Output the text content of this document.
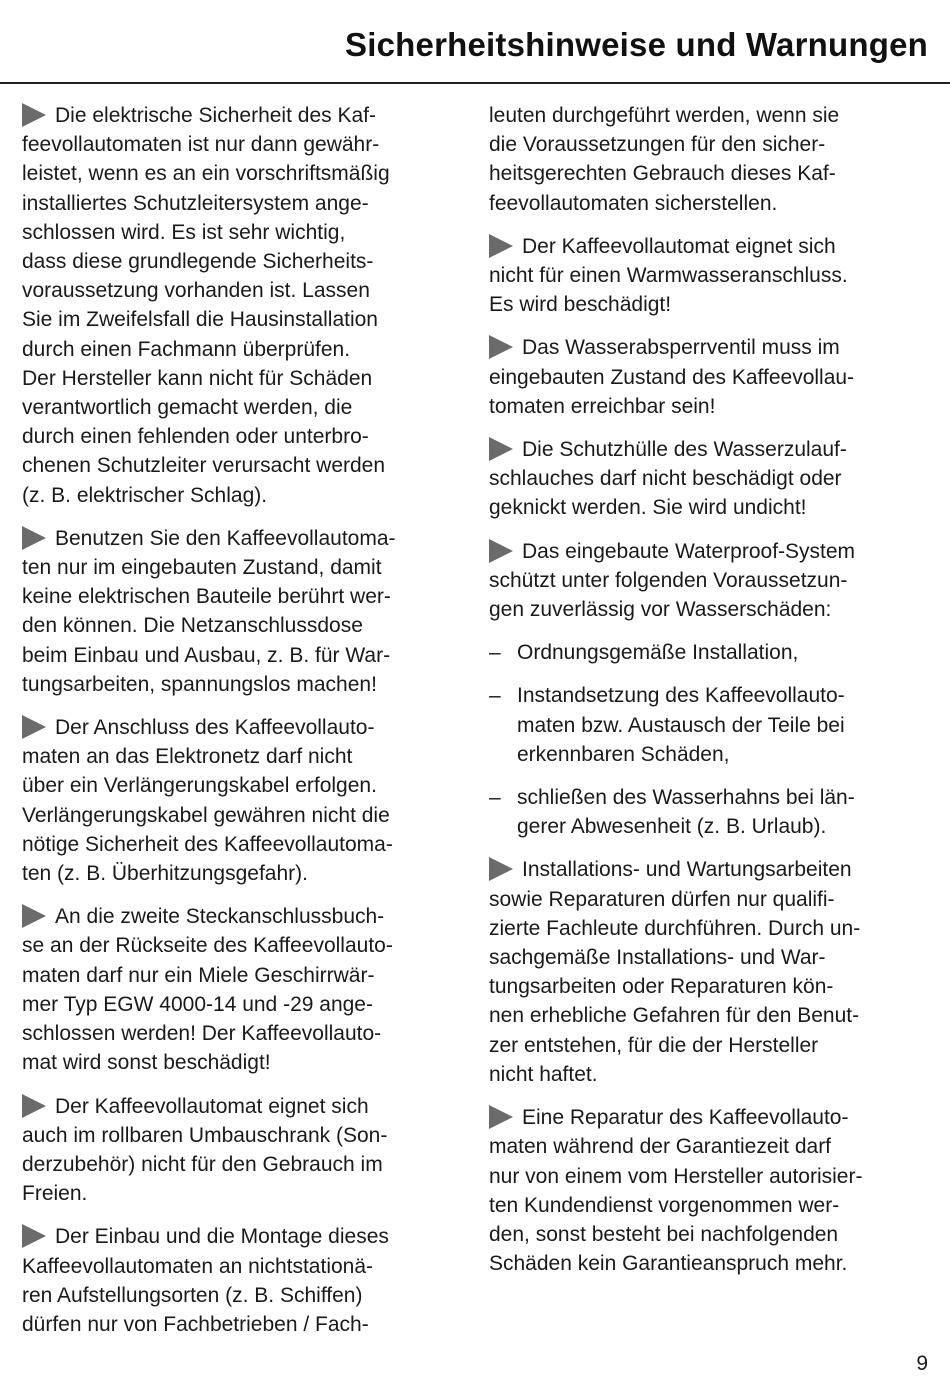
Sicherheitshinweise und Warnungen
Die elektrische Sicherheit des Kaf-
feevollautomaten ist nur dann gewähr-
leistet, wenn es an ein vorschriftsmäßig
installiertes Schutzleitersystem ange-
schlossen wird. Es ist sehr wichtig,
dass diese grundlegende Sicherheits-
voraussetzung vorhanden ist. Lassen
Sie im Zweifelsfall die Hausinstallation
durch einen Fachmann überprüfen.
Der Hersteller kann nicht für Schäden
verantwortlich gemacht werden, die
durch einen fehlenden oder unterbro-
chenen Schutzleiter verursacht werden
(z. B. elektrischer Schlag).
Benutzen Sie den Kaffeevollautoma-
ten nur im eingebauten Zustand, damit
keine elektrischen Bauteile berührt wer-
den können. Die Netzanschlussdose
beim Einbau und Ausbau, z. B. für War-
tungsarbeiten, spannungslos machen!
Der Anschluss des Kaffeevollauto-
maten an das Elektronetz darf nicht
über ein Verlängerungskabel erfolgen.
Verlängerungskabel gewähren nicht die
nötige Sicherheit des Kaffeevollautoma-
ten (z. B. Überhitzungsgefahr).
An die zweite Steckanschlussbuch-
se an der Rückseite des Kaffeevollauto-
maten darf nur ein Miele Geschirrwär-
mer Typ EGW 4000-14 und -29 ange-
schlossen werden! Der Kaffeevollauto-
mat wird sonst beschädigt!
Der Kaffeevollautomat eignet sich
auch im rollbaren Umbauschrank (Son-
derzubehör) nicht für den Gebrauch im
Freien.
Der Einbau und die Montage dieses
Kaffeevollautomaten an nichtstationä-
ren Aufstellungsorten (z. B. Schiffen)
dürfen nur von Fachbetrieben / Fach-
leuten durchgeführt werden, wenn sie
die Voraussetzungen für den sicher-
heitsgerechten Gebrauch dieses Kaf-
feevollautomaten sicherstellen.
Der Kaffeevollautomat eignet sich
nicht für einen Warmwasseranschluss.
Es wird beschädigt!
Das Wasserabsperrventil muss im
eingebauten Zustand des Kaffeevollau-
tomaten erreichbar sein!
Die Schutzhülle des Wasserzulauf-
schlauches darf nicht beschädigt oder
geknickt werden. Sie wird undicht!
Das eingebaute Waterproof-System
schützt unter folgenden Voraussetzun-
gen zuverlässig vor Wasserschäden:
– Ordnungsgemäße Installation,
– Instandsetzung des Kaffeevollauto-
maten bzw. Austausch der Teile bei
erkennbaren Schäden,
– schließen des Wasserhahns bei län-
gerer Abwesenheit (z. B. Urlaub).
Installations- und Wartungsarbeiten
sowie Reparaturen dürfen nur qualifi-
zierte Fachleute durchführen. Durch un-
sachgemäße Installations- und War-
tungsarbeiten oder Reparaturen kön-
nen erhebliche Gefahren für den Benut-
zer entstehen, für die der Hersteller
nicht haftet.
Eine Reparatur des Kaffeevollauto-
maten während der Garantiezeit darf
nur von einem vom Hersteller autorisier-
ten Kundendienst vorgenommen wer-
den, sonst besteht bei nachfolgenden
Schäden kein Garantieanspruch mehr.
9
